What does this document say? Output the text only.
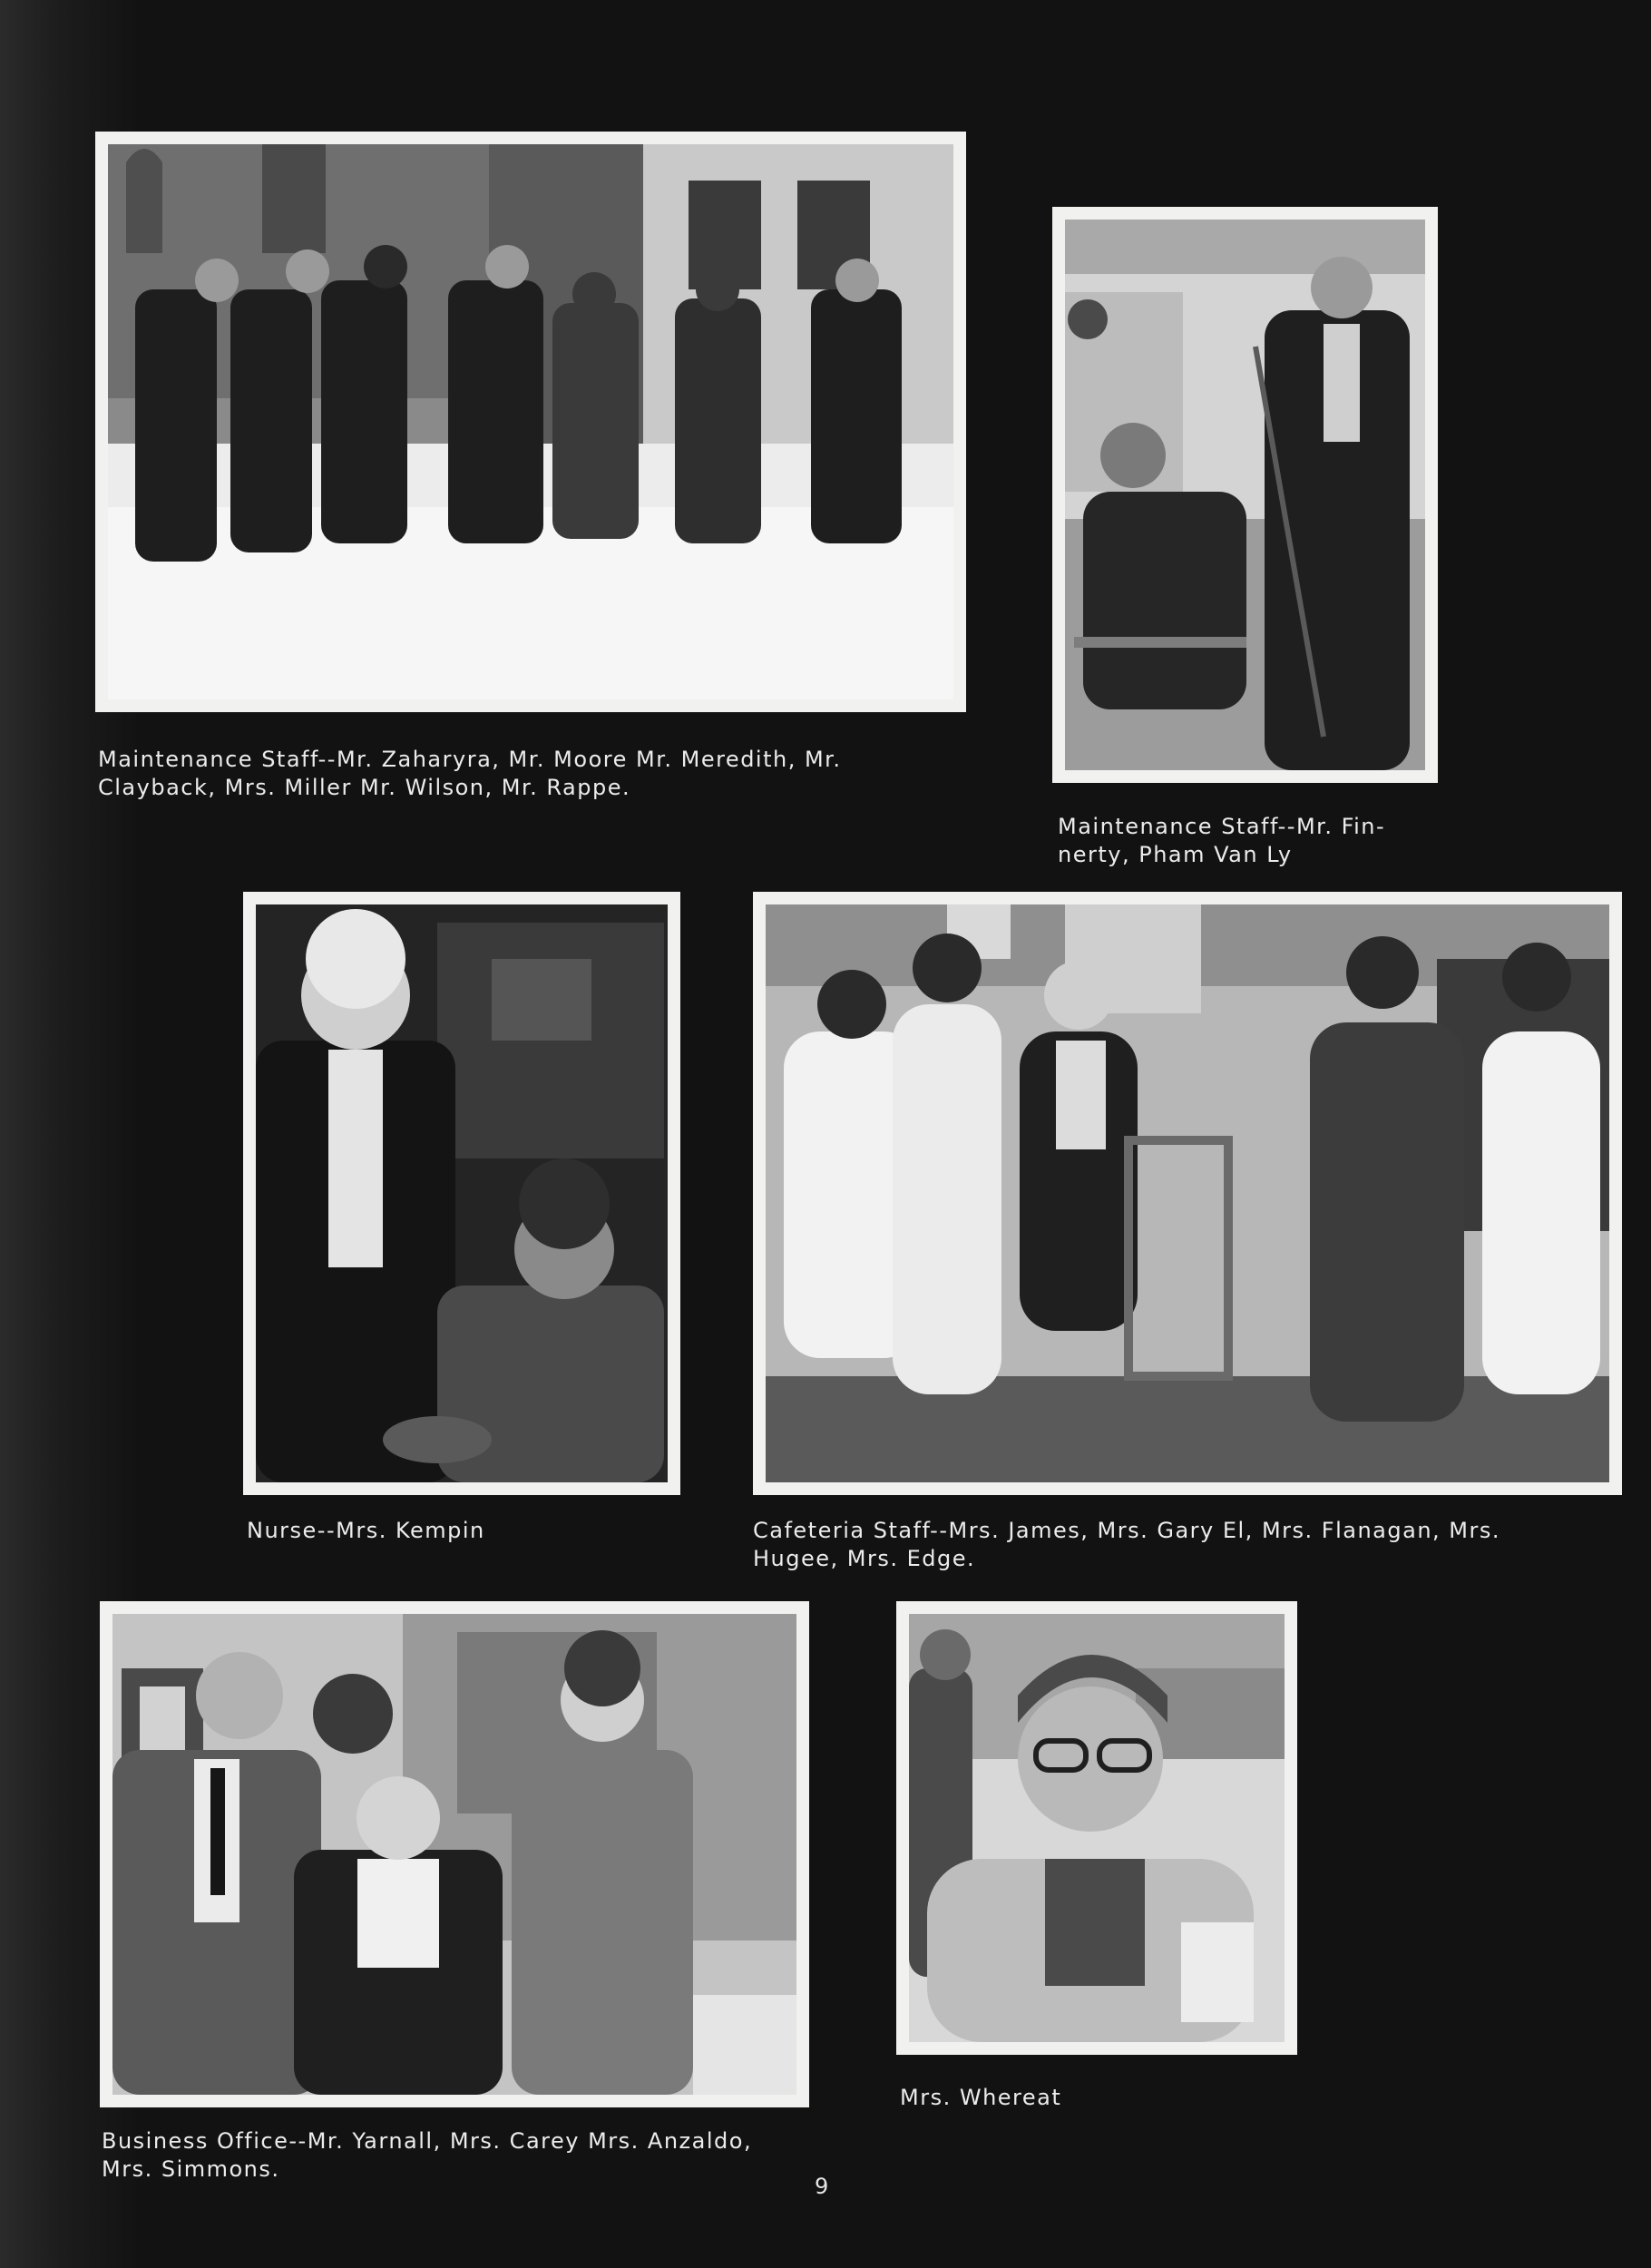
Maintenance Staff--Mr. Zaharyra, Mr. Moore Mr. Meredith, Mr.
Clayback, Mrs. Miller Mr. Wilson, Mr. Rappe.

Maintenance Staff--Mr. Fin-
nerty, Pham Van Ly

Nurse--Mrs. Kempin	Cafeteria Staff--Mrs. James, Mrs. Gary El, Mrs. Flanagan, Mrs.
Hugee, Mrs. Edge.

Business Office--Mr. Yarnall, Mrs. Carey Mrs. Anzaldo,
Mrs. Simmons.

Mrs. Whereat

9
